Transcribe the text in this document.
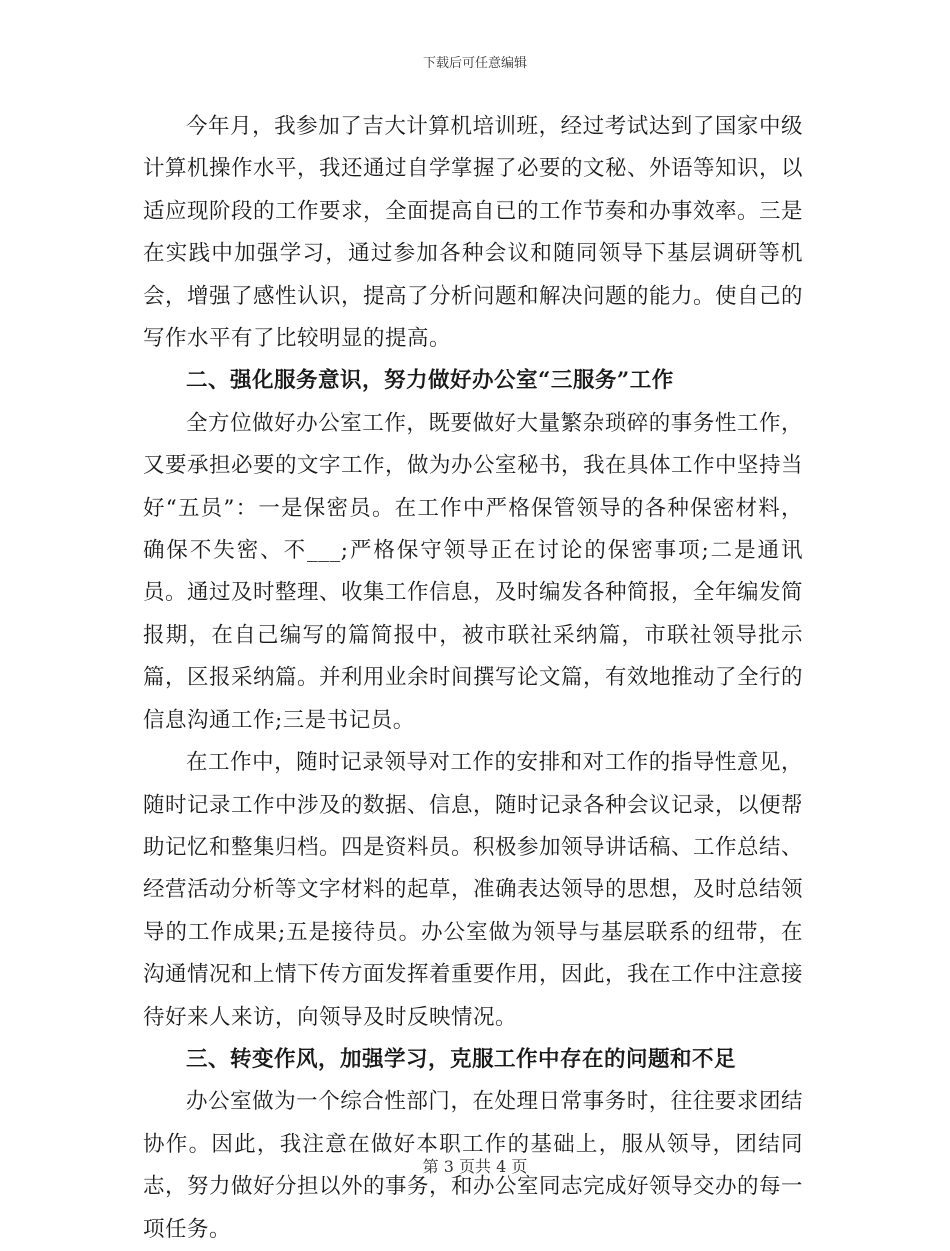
下载后可任意编辑

今年月，我参加了吉大计算机培训班，经过考试达到了国家中级计算机操作水平，我还通过自学掌握了必要的文秘、外语等知识，以适应现阶段的工作要求，全面提高自已的工作节奏和办事效率。三是在实践中加强学习，通过参加各种会议和随同领导下基层调研等机会，增强了感性认识，提高了分析问题和解决问题的能力。使自己的写作水平有了比较明显的提高。

二、强化服务意识，努力做好办公室“三服务”工作

全方位做好办公室工作，既要做好大量繁杂琐碎的事务性工作，又要承担必要的文字工作，做为办公室秘书，我在具体工作中坚持当好“五员”：一是保密员。在工作中严格保管领导的各种保密材料，确保不失密、不___;严格保守领导正在讨论的保密事项;二是通讯员。通过及时整理、收集工作信息，及时编发各种简报，全年编发简报期，在自己编写的篇简报中，被市联社采纳篇，市联社领导批示篇，区报采纳篇。并利用业余时间撰写论文篇，有效地推动了全行的信息沟通工作;三是书记员。

在工作中，随时记录领导对工作的安排和对工作的指导性意见，随时记录工作中涉及的数据、信息，随时记录各种会议记录，以便帮助记忆和整集归档。四是资料员。积极参加领导讲话稿、工作总结、经营活动分析等文字材料的起草，准确表达领导的思想，及时总结领导的工作成果;五是接待员。办公室做为领导与基层联系的纽带，在沟通情况和上情下传方面发挥着重要作用，因此，我在工作中注意接待好来人来访，向领导及时反映情况。

三、转变作风，加强学习，克服工作中存在的问题和不足

办公室做为一个综合性部门，在处理日常事务时，往往要求团结协作。因此，我注意在做好本职工作的基础上，服从领导，团结同志，努力做好分担以外的事务，和办公室同志完成好领导交办的每一项任务。

第 3 页共 4 页
